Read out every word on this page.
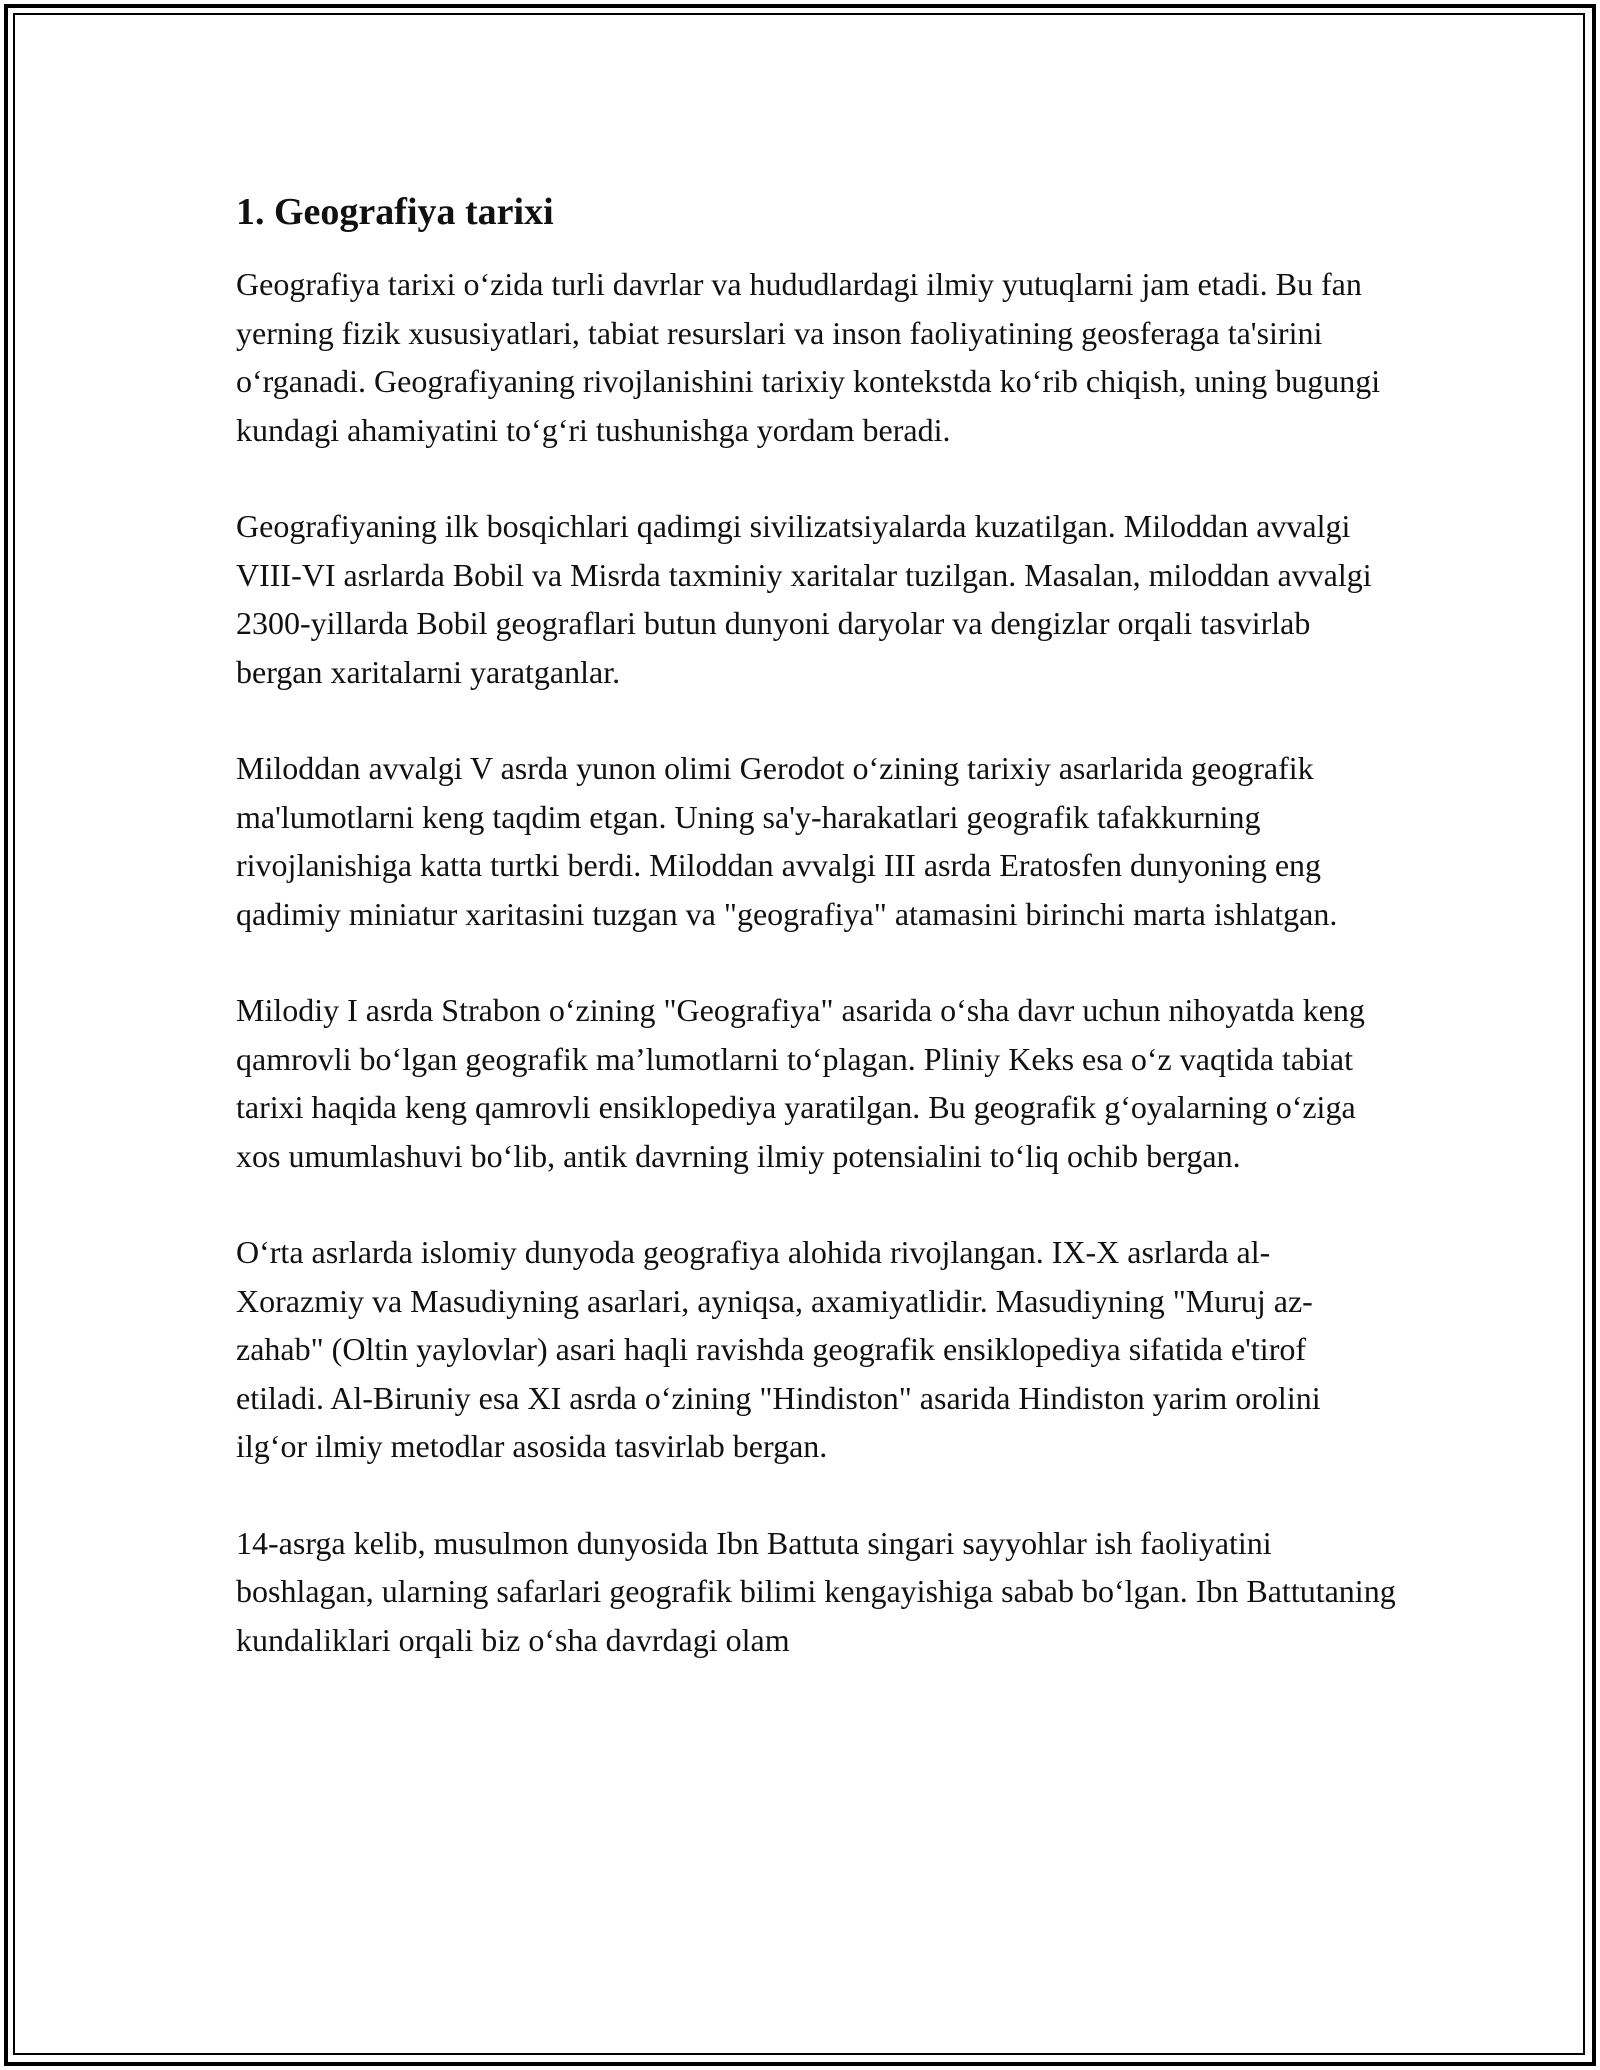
1. Geografiya tarixi

Geografiya tarixi o‘zida turli davrlar va hududlardagi ilmiy yutuqlarni jam etadi. Bu fan yerning fizik xususiyatlari, tabiat resurslari va inson faoliyatining geosferaga ta'sirini o‘rganadi. Geografiyaning rivojlanishini tarixiy kontekstda ko‘rib chiqish, uning bugungi kundagi ahamiyatini to‘g‘ri tushunishga yordam beradi.

Geografiyaning ilk bosqichlari qadimgi sivilizatsiyalarda kuzatilgan. Miloddan avvalgi VIII-VI asrlarda Bobil va Misrda taxminiy xaritalar tuzilgan. Masalan, miloddan avvalgi 2300-yillarda Bobil geograflari butun dunyoni daryolar va dengizlar orqali tasvirlab bergan xaritalarni yaratganlar.

Miloddan avvalgi V asrda yunon olimi Gerodot o‘zining tarixiy asarlarida geografik ma'lumotlarni keng taqdim etgan. Uning sa'y-harakatlari geografik tafakkurning rivojlanishiga katta turtki berdi. Miloddan avvalgi III asrda Eratosfen dunyoning eng qadimiy miniatur xaritasini tuzgan va "geografiya" atamasini birinchi marta ishlatgan.

Milodiy I asrda Strabon o‘zining "Geografiya" asarida o‘sha davr uchun nihoyatda keng qamrovli bo‘lgan geografik ma’lumotlarni to‘plagan. Pliniy Keks esa o‘z vaqtida tabiat tarixi haqida keng qamrovli ensiklopediya yaratilgan. Bu geografik g‘oyalarning o‘ziga xos umumlashuvi bo‘lib, antik davrning ilmiy potensialini to‘liq ochib bergan.

O‘rta asrlarda islomiy dunyoda geografiya alohida rivojlangan. IX-X asrlarda al-Xorazmiy va Masudiyning asarlari, ayniqsa, axamiyatlidir. Masudiyning "Muruj az-zahab" (Oltin yaylovlar) asari haqli ravishda geografik ensiklopediya sifatida e'tirof etiladi. Al-Biruniy esa XI asrda o‘zining "Hindiston" asarida Hindiston yarim orolini ilg‘or ilmiy metodlar asosida tasvirlab bergan.

14-asrga kelib, musulmon dunyosida Ibn Battuta singari sayyohlar ish faoliyatini boshlagan, ularning safarlari geografik bilimi kengayishiga sabab bo‘lgan. Ibn Battutaning kundaliklari orqali biz o‘sha davrdagi olam
